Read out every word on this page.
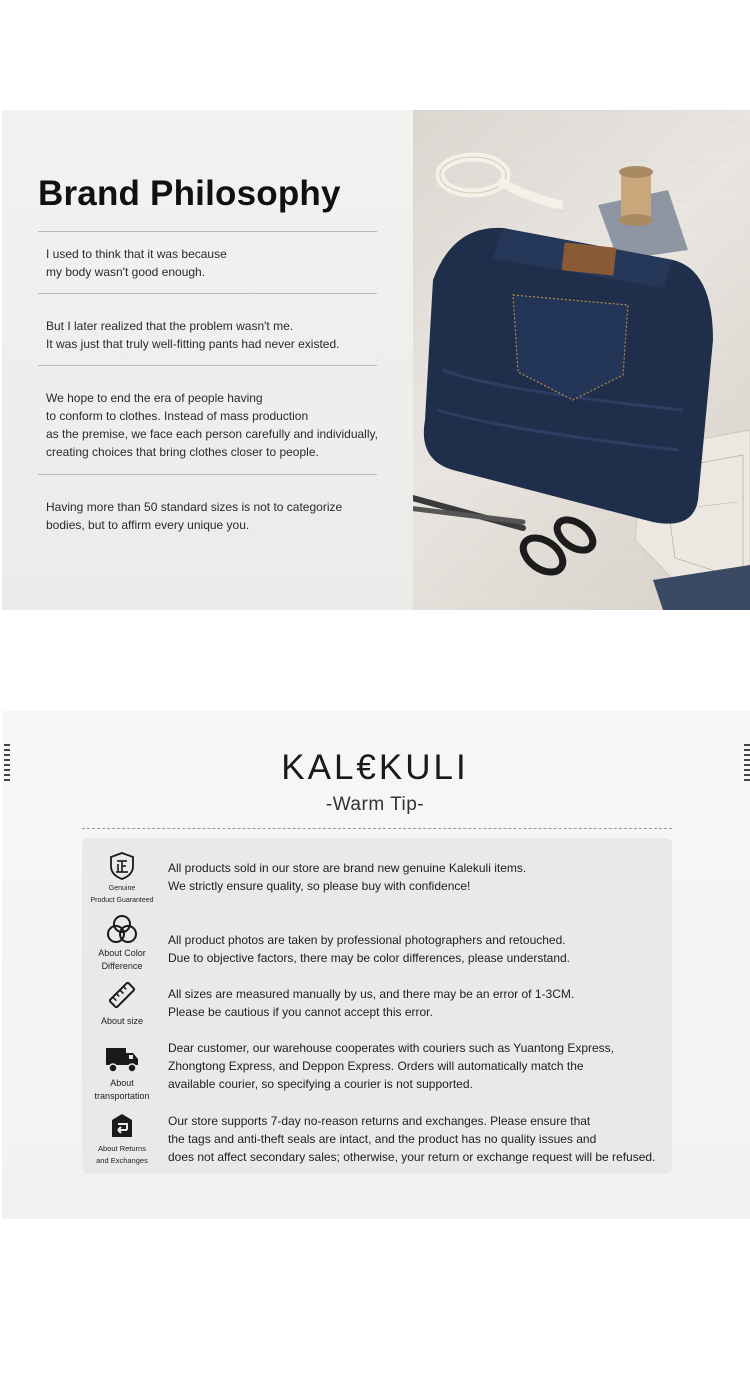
Brand Philosophy

I used to think that it was because
my body wasn't good enough.

But I later realized that the problem wasn't me.
It was just that truly well-fitting pants had never existed.

We hope to end the era of people having
to conform to clothes. Instead of mass production
as the premise, we face each person carefully and individually,
creating choices that bring clothes closer to people.

Having more than 50 standard sizes is not to categorize
bodies, but to affirm every unique you.

KAL€KULI
-Warm Tip-
Genuine
Product Guaranteed

All products sold in our store are brand new genuine Kalekuli items.
We strictly ensure quality, so please buy with confidence!

About Color
Difference

All product photos are taken by professional photographers and retouched.
Due to objective factors, there may be color differences, please understand.

About size

All sizes are measured manually by us, and there may be an error of 1-3CM.
Please be cautious if you cannot accept this error.

About
transportation

Dear customer, our warehouse cooperates with couriers such as Yuantong Express,
Zhongtong Express, and Deppon Express. Orders will automatically match the
available courier, so specifying a courier is not supported.

About Returns
and Exchanges

Our store supports 7-day no-reason returns and exchanges. Please ensure that
the tags and anti-theft seals are intact, and the product has no quality issues and
does not affect secondary sales; otherwise, your return or exchange request will be refused.
